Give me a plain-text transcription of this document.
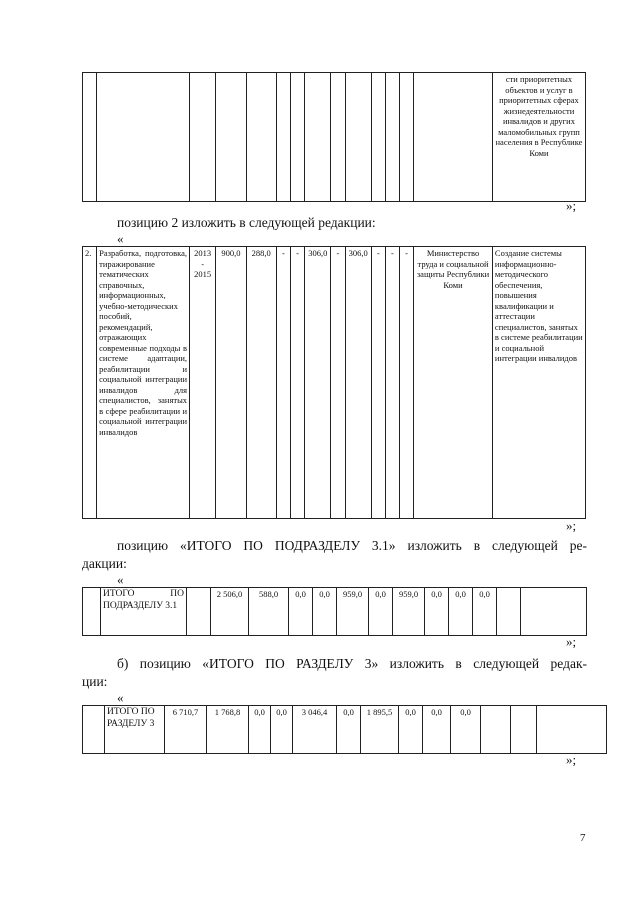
														сти приоритетных объектов и услуг в приоритетных сферах жизнедеятельности инвалидов и других маломобильных групп населения в Республике Коми
»;
позицию 2 изложить в следующей редакции:
«
2.	Разработка, подготовка, тиражирование тематических справочных, информационных, учебно-методических пособий, рекомендаций, отражающих современные подходы в системе адаптации, реабилитации и социальной интеграции инвалидов для специалистов, занятых в сфере реабилитации и социальной интеграции инвалидов	2013 - 2015	900,0	288,0	-	-	306,0	-	306,0	-	-	-	Министерство труда и социальной защиты Республики Коми	Создание системы информационно-методического обеспечения, повышения квалификации и аттестации специалистов, занятых в системе реабилитации и социальной интеграции инвалидов
»;
позицию «ИТОГО ПО ПОДРАЗДЕЛУ 3.1» изложить в следующей ре-
дакции:
«
	ИТОГО ПО ПОДРАЗДЕЛУ 3.1		2 506,0	588,0	0,0	0,0	959,0	0,0	959,0	0,0	0,0	0,0		
»;
б) позицию «ИТОГО ПО РАЗДЕЛУ 3» изложить в следующей редак-
ции:
«
	ИТОГО ПО РАЗДЕЛУ 3	6 710,7	1 768,8	0,0	0,0	3 046,4	0,0	1 895,5	0,0	0,0	0,0			
»;
7
